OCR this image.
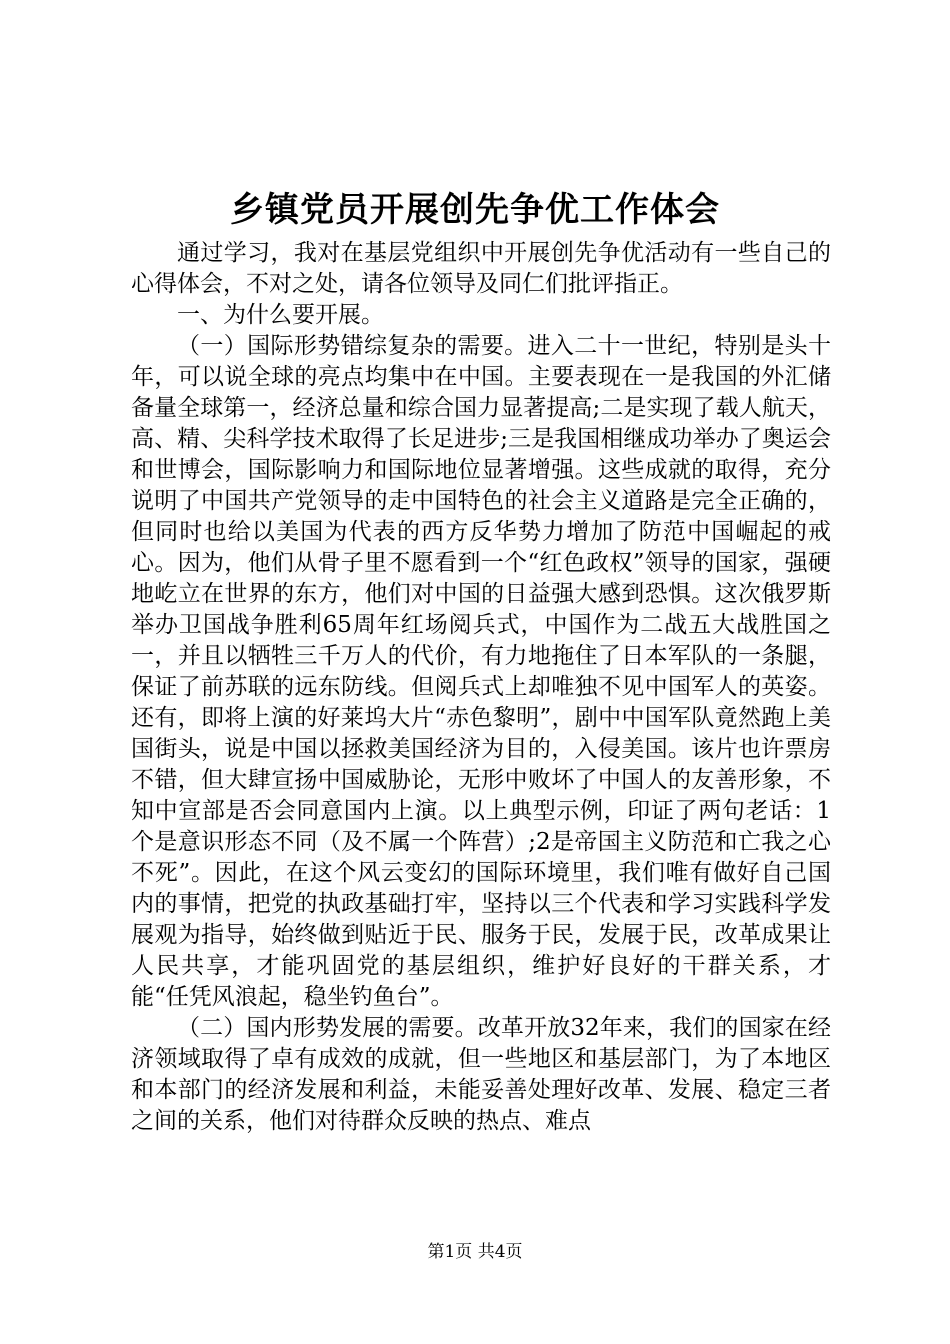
乡镇党员开展创先争优工作体会

通过学习，我对在基层党组织中开展创先争优活动有一些自己的心得体会，不对之处，请各位领导及同仁们批评指正。

一、为什么要开展。

（一）国际形势错综复杂的需要。进入二十一世纪，特别是头十年，可以说全球的亮点均集中在中国。主要表现在一是我国的外汇储备量全球第一，经济总量和综合国力显著提高;二是实现了载人航天，高、精、尖科学技术取得了长足进步;三是我国相继成功举办了奥运会和世博会，国际影响力和国际地位显著增强。这些成就的取得，充分说明了中国共产党领导的走中国特色的社会主义道路是完全正确的，但同时也给以美国为代表的西方反华势力增加了防范中国崛起的戒心。因为，他们从骨子里不愿看到一个“红色政权”领导的国家，强硬地屹立在世界的东方，他们对中国的日益强大感到恐惧。这次俄罗斯举办卫国战争胜利65周年红场阅兵式，中国作为二战五大战胜国之一，并且以牺牲三千万人的代价，有力地拖住了日本军队的一条腿，保证了前苏联的远东防线。但阅兵式上却唯独不见中国军人的英姿。还有，即将上演的好莱坞大片“赤色黎明”，剧中中国军队竟然跑上美国街头，说是中国以拯救美国经济为目的，入侵美国。该片也许票房不错，但大肆宣扬中国威胁论，无形中败坏了中国人的友善形象，不知中宣部是否会同意国内上演。以上典型示例，印证了两句老话：1个是意识形态不同（及不属一个阵营）;2是帝国主义防范和亡我之心不死”。因此，在这个风云变幻的国际环境里，我们唯有做好自己国内的事情，把党的执政基础打牢，坚持以三个代表和学习实践科学发展观为指导，始终做到贴近于民、服务于民，发展于民，改革成果让人民共享，才能巩固党的基层组织，维护好良好的干群关系，才能“任凭风浪起，稳坐钓鱼台”。

（二）国内形势发展的需要。改革开放32年来，我们的国家在经济领域取得了卓有成效的成就，但一些地区和基层部门，为了本地区和本部门的经济发展和利益，未能妥善处理好改革、发展、稳定三者之间的关系，他们对待群众反映的热点、难点

第1页 共4页
